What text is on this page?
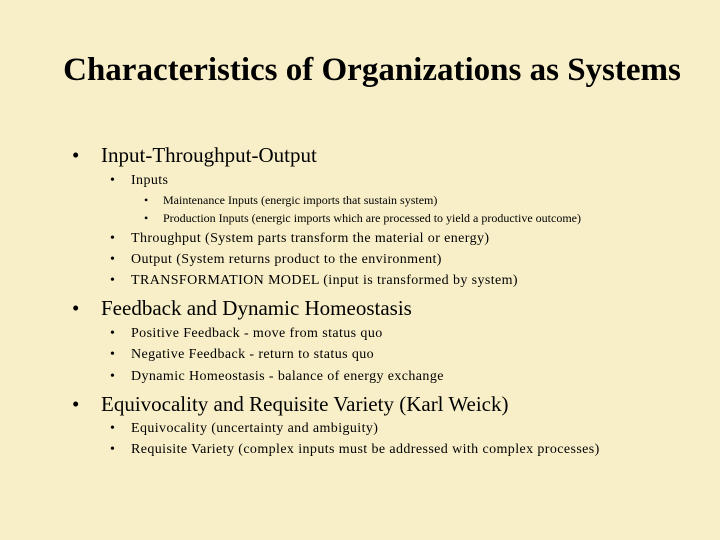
Characteristics of Organizations as Systems
• Input-Throughput-Output
• Inputs
• Maintenance Inputs (energic imports that sustain system)
• Production Inputs (energic imports which are processed to yield a productive outcome)
• Throughput (System parts transform the material or energy)
• Output (System returns product to the environment)
• TRANSFORMATION MODEL (input is transformed by system)
• Feedback and Dynamic Homeostasis
• Positive Feedback - move from status quo
• Negative Feedback - return to status quo
• Dynamic Homeostasis - balance of energy exchange
• Equivocality and Requisite Variety (Karl Weick)
• Equivocality (uncertainty and ambiguity)
• Requisite Variety (complex inputs must be addressed with complex processes)
